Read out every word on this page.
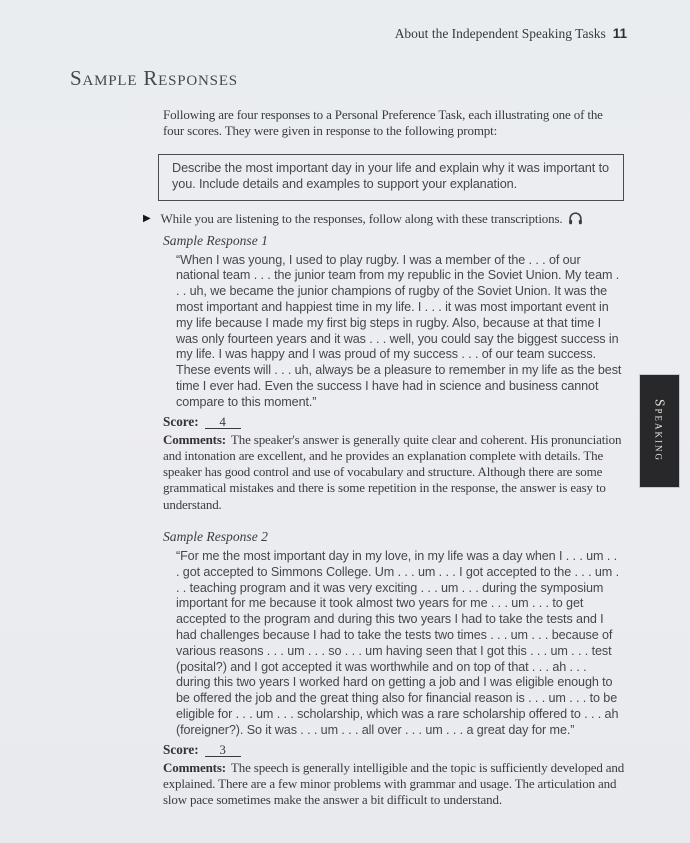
About the Independent Speaking Tasks 11
Sample Responses

Following are four responses to a Personal Preference Task, each illustrating one of the four scores. They were given in response to the following prompt:

Describe the most important day in your life and explain why it was important to you. Include details and examples to support your explanation.
▶ While you are listening to the responses, follow along with these transcriptions.
Sample Response 1

“When I was young, I used to play rugby. I was a member of the . . . of our national team . . . the junior team from my republic in the Soviet Union. My team . . . uh, we became the junior champions of rugby of the Soviet Union. It was the most important and happiest time in my life. I . . . it was most important event in my life because I made my first big steps in rugby. Also, because at that time I was only fourteen years and it was . . . well, you could say the biggest success in my life. I was happy and I was proud of my success . . . of our team success. These events will . . . uh, always be a pleasure to remember in my life as the best time I ever had. Even the success I have had in science and business cannot compare to this moment.”

Score: 4

Comments: The speaker's answer is generally quite clear and coherent. His pronunciation and intonation are excellent, and he provides an explanation complete with details. The speaker has good control and use of vocabulary and structure. Although there are some grammatical mistakes and there is some repetition in the response, the answer is easy to understand.

Sample Response 2

“For me the most important day in my love, in my life was a day when I . . . um . . . got accepted to Simmons College. Um . . . um . . . I got accepted to the . . . um . . . teaching program and it was very exciting . . . um . . . during the symposium important for me because it took almost two years for me . . . um . . . to get accepted to the program and during this two years I had to take the tests and I had challenges because I had to take the tests two times . . . um . . . because of various reasons . . . um . . . so . . . um having seen that I got this . . . um . . . test (posital?) and I got accepted it was worthwhile and on top of that . . . ah . . . during this two years I worked hard on getting a job and I was eligible enough to be offered the job and the great thing also for financial reason is . . . um . . . to be eligible for . . . um . . . scholarship, which was a rare scholarship offered to . . . ah (foreigner?). So it was . . . um . . . all over . . . um . . . a great day for me.”

Score: 3

Comments: The speech is generally intelligible and the topic is sufficiently developed and explained. There are a few minor problems with grammar and usage. The articulation and slow pace sometimes make the answer a bit difficult to understand.

Speaking
